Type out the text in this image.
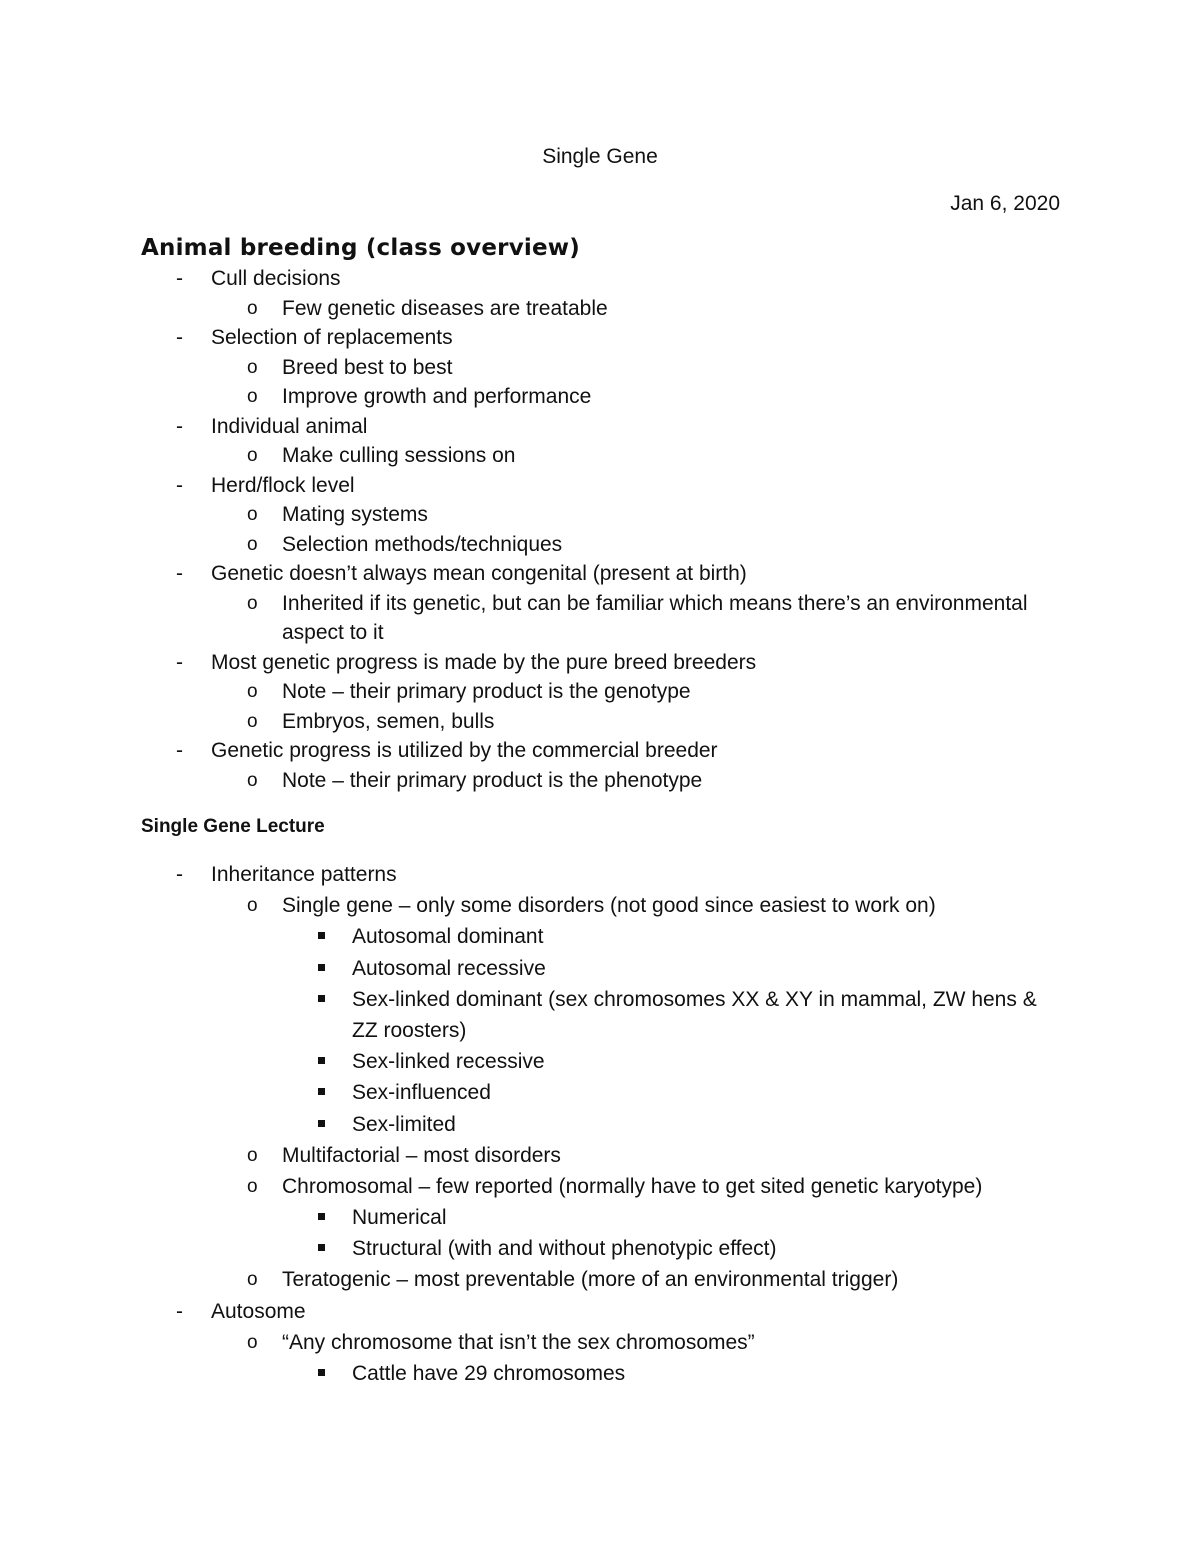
Single Gene
Jan 6, 2020
Animal breeding (class overview)
- Cull decisions
o Few genetic diseases are treatable
- Selection of replacements
o Breed best to best
o Improve growth and performance
- Individual animal
o Make culling sessions on
- Herd/flock level
o Mating systems
o Selection methods/techniques
- Genetic doesn’t always mean congenital (present at birth)
o Inherited if its genetic, but can be familiar which means there’s an environmental
aspect to it
- Most genetic progress is made by the pure breed breeders
o Note – their primary product is the genotype
o Embryos, semen, bulls
- Genetic progress is utilized by the commercial breeder
o Note – their primary product is the phenotype
Single Gene Lecture
- Inheritance patterns
o Single gene – only some disorders (not good since easiest to work on)
Autosomal dominant
Autosomal recessive
Sex-linked dominant (sex chromosomes XX & XY in mammal, ZW hens &
ZZ roosters)
Sex-linked recessive
Sex-influenced
Sex-limited
o Multifactorial – most disorders
o Chromosomal – few reported (normally have to get sited genetic karyotype)
Numerical
Structural (with and without phenotypic effect)
o Teratogenic – most preventable (more of an environmental trigger)
- Autosome
o “Any chromosome that isn’t the sex chromosomes”
Cattle have 29 chromosomes
